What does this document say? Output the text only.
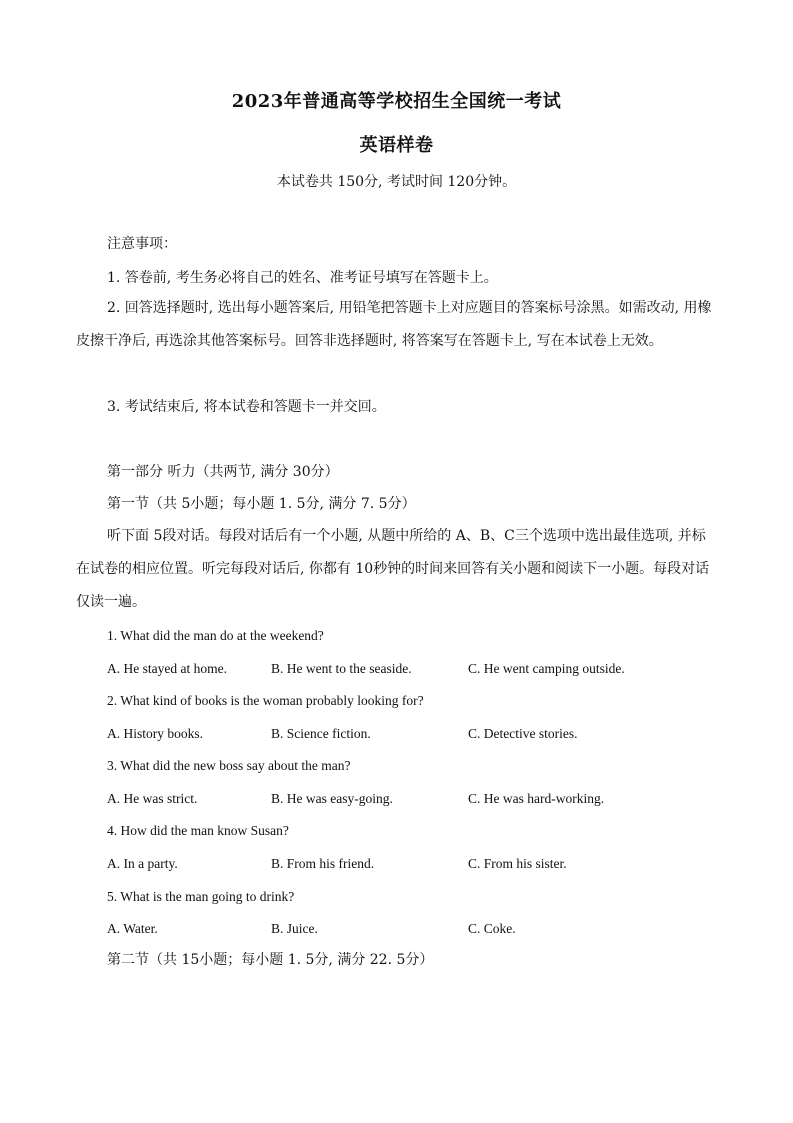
2023年普通高等学校招生全国统一考试
英语样卷
本试卷共 150分, 考试时间 120分钟。
注意事项：
1. 答卷前, 考生务必将自己的姓名、准考证号填写在答题卡上。
2. 回答选择题时, 选出每小题答案后, 用铅笔把答题卡上对应题目的答案标号涂黑。如需改动, 用橡皮擦干净后, 再选涂其他答案标号。回答非选择题时, 将答案写在答题卡上, 写在本试卷上无效。
3. 考试结束后, 将本试卷和答题卡一并交回。
第一部分 听力（共两节, 满分 30分）
第一节（共 5小题；每小题 1. 5分, 满分 7. 5分）
听下面 5段对话。每段对话后有一个小题, 从题中所给的 A、B、C三个选项中选出最佳选项, 并标在试卷的相应位置。听完每段对话后, 你都有 10秒钟的时间来回答有关小题和阅读下一小题。每段对话仅读一遍。
1. What did the man do at the weekend?
A. He stayed at home.	B. He went to the seaside.	C. He went camping outside.
2. What kind of books is the woman probably looking for?
A. History books.	B. Science fiction.	C. Detective stories.
3. What did the new boss say about the man?
A. He was strict.	B. He was easy-going.	C. He was hard-working.
4. How did the man know Susan?
A. In a party.	B. From his friend.	C. From his sister.
5. What is the man going to drink?
A. Water.	B. Juice.	C. Coke.
第二节（共 15小题；每小题 1. 5分, 满分 22. 5分）
